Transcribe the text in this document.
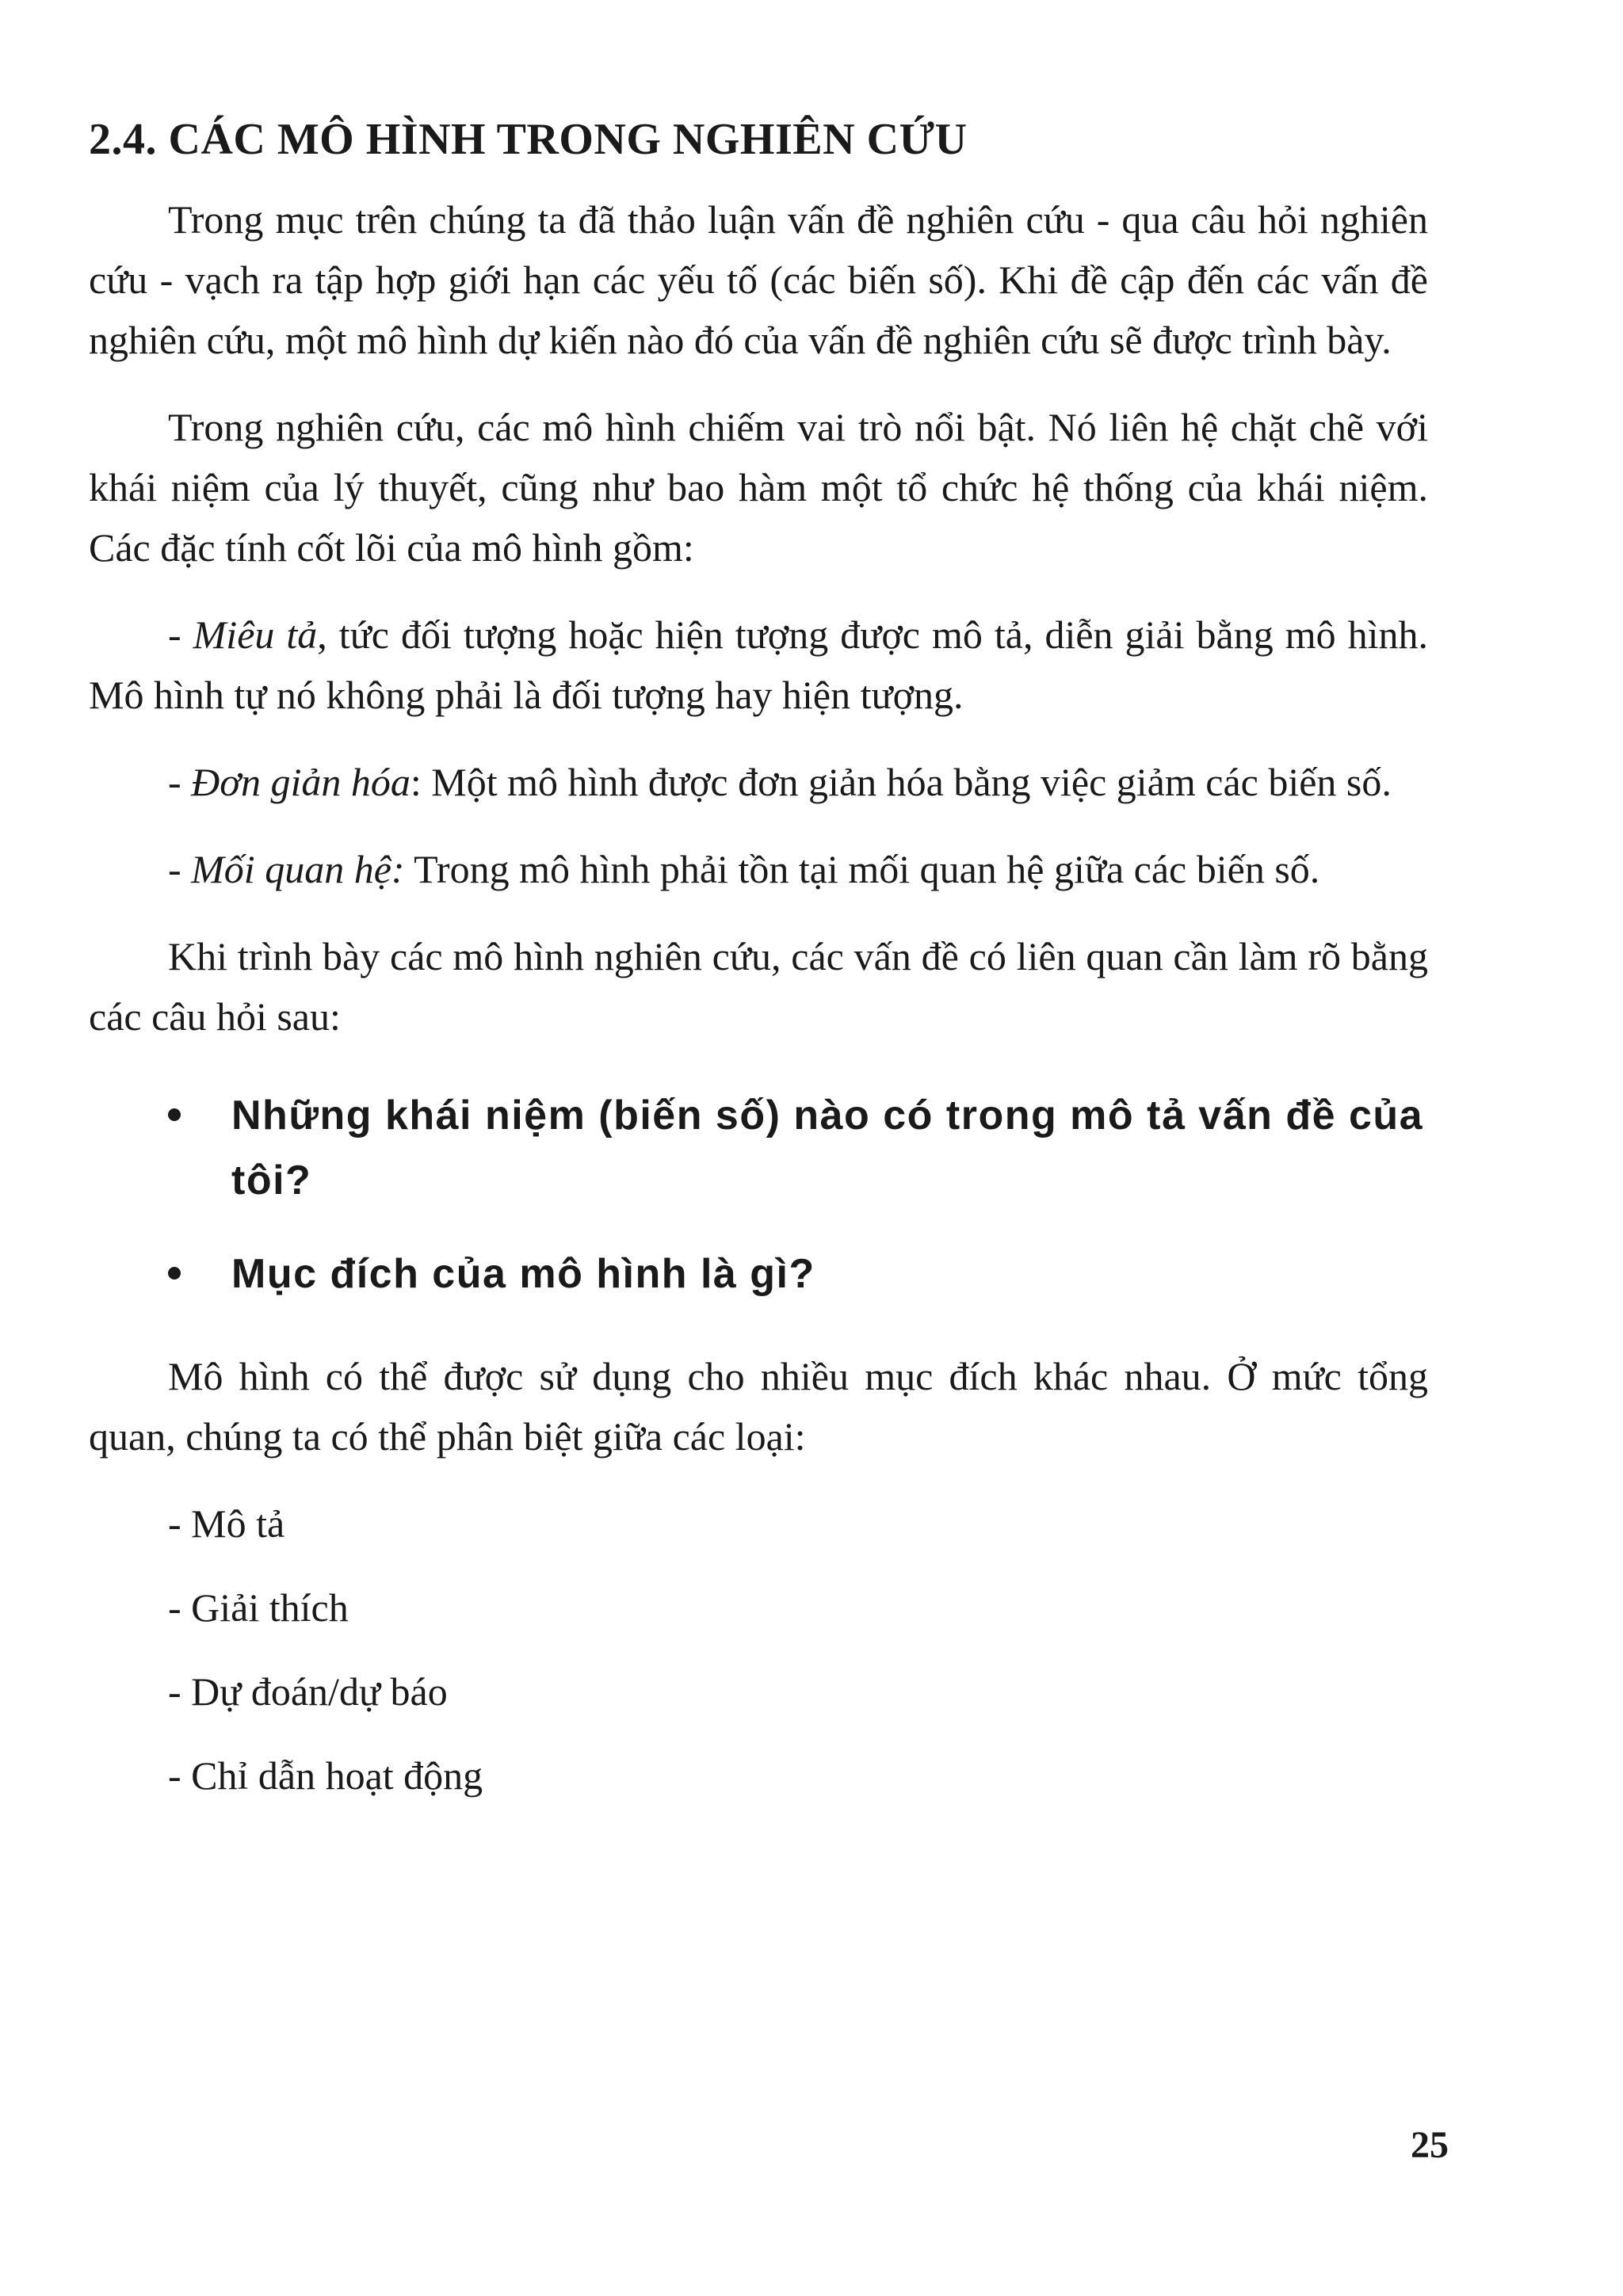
2.4. CÁC MÔ HÌNH TRONG NGHIÊN CỨU

Trong mục trên chúng ta đã thảo luận vấn đề nghiên cứu - qua câu hỏi nghiên cứu - vạch ra tập hợp giới hạn các yếu tố (các biến số). Khi đề cập đến các vấn đề nghiên cứu, một mô hình dự kiến nào đó của vấn đề nghiên cứu sẽ được trình bày.

Trong nghiên cứu, các mô hình chiếm vai trò nổi bật. Nó liên hệ chặt chẽ với khái niệm của lý thuyết, cũng như bao hàm một tổ chức hệ thống của khái niệm. Các đặc tính cốt lõi của mô hình gồm:

- Miêu tả, tức đối tượng hoặc hiện tượng được mô tả, diễn giải bằng mô hình. Mô hình tự nó không phải là đối tượng hay hiện tượng.

- Đơn giản hóa: Một mô hình được đơn giản hóa bằng việc giảm các biến số.

- Mối quan hệ: Trong mô hình phải tồn tại mối quan hệ giữa các biến số.

Khi trình bày các mô hình nghiên cứu, các vấn đề có liên quan cần làm rõ bằng các câu hỏi sau:

Những khái niệm (biến số) nào có trong mô tả vấn đề của tôi?
Mục đích của mô hình là gì?

Mô hình có thể được sử dụng cho nhiều mục đích khác nhau. Ở mức tổng quan, chúng ta có thể phân biệt giữa các loại:

- Mô tả
- Giải thích
- Dự đoán/dự báo
- Chỉ dẫn hoạt động
25
